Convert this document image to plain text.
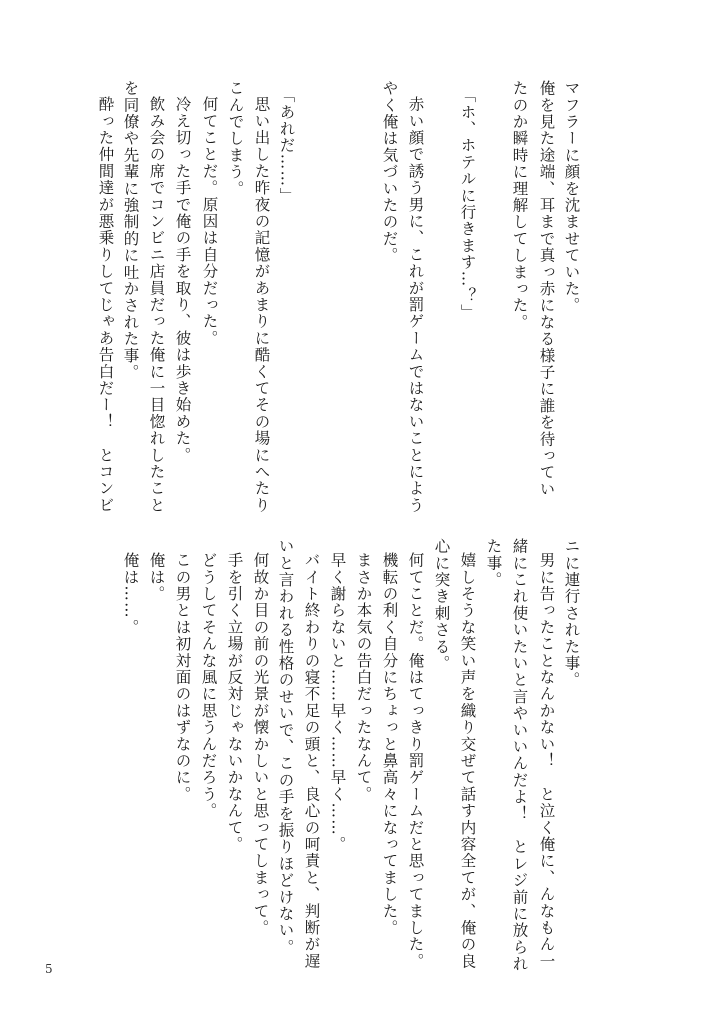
マフラーに顔を沈ませていた。
俺を見た途端、耳まで真っ赤になる様子に誰を待ってい
たのか瞬時に理解してしまった。
「ホ、ホテルに行きます…？」
赤い顔で誘う男に、これが罰ゲームではないことによう
やく俺は気づいたのだ。
「あれだ……」
思い出した昨夜の記憶があまりに酷くてその場にへたり
こんでしまう。
何てことだ。原因は自分だった。
冷え切った手で俺の手を取り、彼は歩き始めた。
飲み会の席でコンビニ店員だった俺に一目惚れしたこと
を同僚や先輩に強制的に吐かされた事。
酔った仲間達が悪乗りしてじゃあ告白だー！　とコンビ
ニに連行された事。
男に告ったことなんかない！　と泣く俺に、んなもん一
緒にこれ使いたいと言やいいんだよ！　とレジ前に放られ
た事。
嬉しそうな笑い声を織り交ぜて話す内容全てが、俺の良
心に突き刺さる。
何てことだ。俺はてっきり罰ゲームだと思ってました。
機転の利く自分にちょっと鼻高々になってました。
まさか本気の告白だったなんて。
早く謝らないと……早く……早く……。
バイト終わりの寝不足の頭と、良心の呵責と、判断が遅
いと言われる性格のせいで、この手を振りほどけない。
何故か目の前の光景が懐かしいと思ってしまって。
手を引く立場が反対じゃないかなんて。
どうしてそんな風に思うんだろう。
この男とは初対面のはずなのに。
俺は。
俺は……。
5
